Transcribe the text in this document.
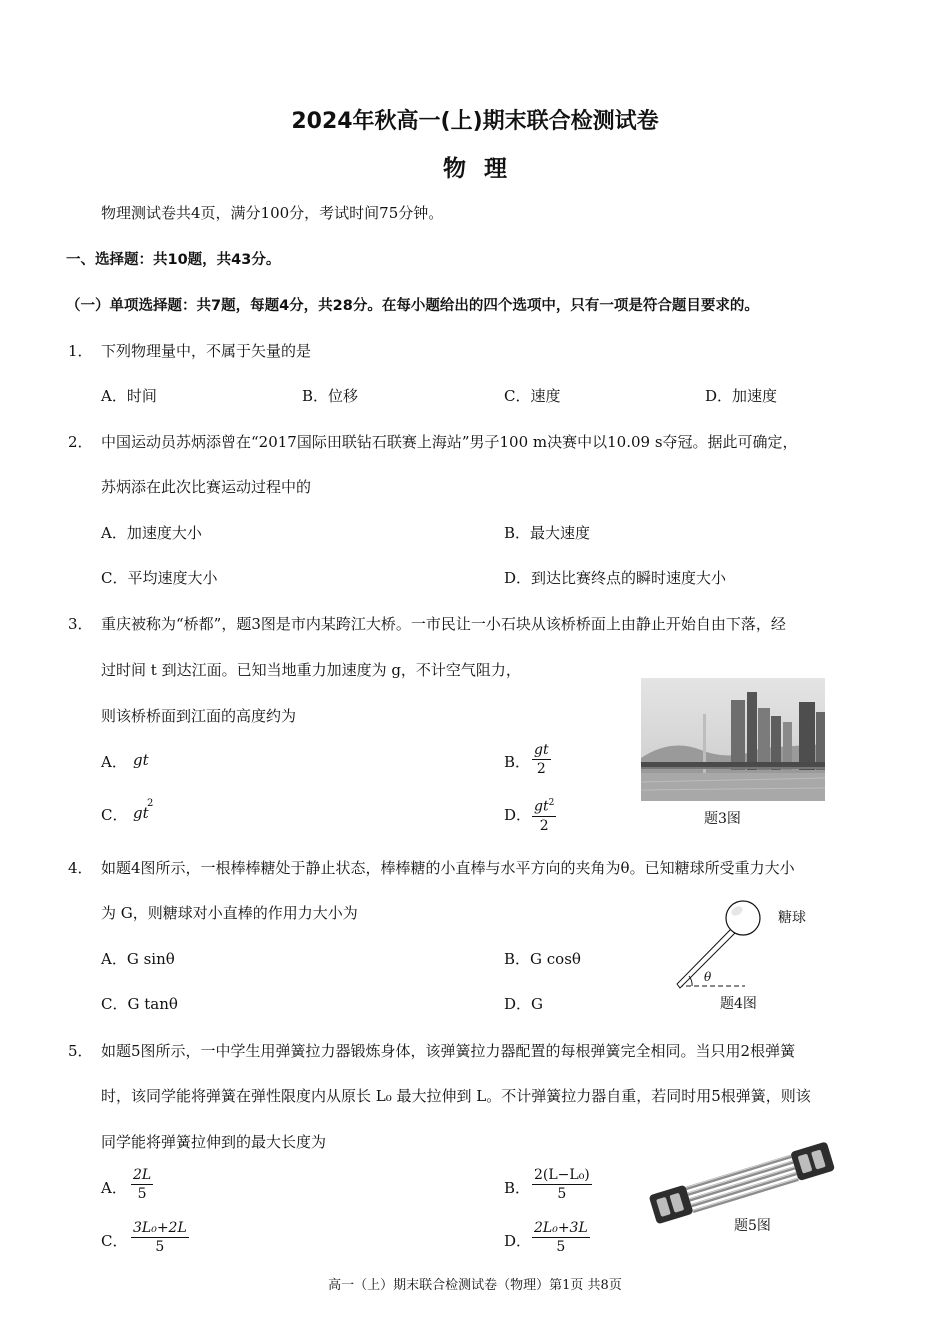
2024年秋高一(上)期末联合检测试卷
物理
物理测试卷共4页，满分100分，考试时间75分钟。
一、选择题：共10题，共43分。
（一）单项选择题：共7题，每题4分，共28分。在每小题给出的四个选项中，只有一项是符合题目要求的。
1． 下列物理量中，不属于矢量的是
A．时间	B．位移	C．速度	D．加速度
2． 中国运动员苏炳添曾在“2017国际田联钻石联赛上海站”男子100 m决赛中以10.09 s夺冠。据此可确定，
苏炳添在此次比赛运动过程中的
A．加速度大小	B．最大速度
C．平均速度大小	D．到达比赛终点的瞬时速度大小
3． 重庆被称为“桥都”，题3图是市内某跨江大桥。一市民让一小石块从该桥桥面上由静止开始自由下落，经
过时间 t 到达江面。已知当地重力加速度为 g，不计空气阻力，
则该桥桥面到江面的高度约为
A． gt	B． $\frac{gt}{2}$
C． gt
2
D． $\frac{gt^2}{2}$	题3图
4． 如题4图所示，一根棒棒糖处于静止状态，棒棒糖的小直棒与水平方向的夹角为θ。已知糖球所受重力大小
为 G，则糖球对小直棒的作用力大小为
A．G sinθ	B．G cosθ
C．G tanθ	D．G
糖球
θ
题4图
5． 如题5图所示，一中学生用弹簧拉力器锻炼身体，该弹簧拉力器配置的每根弹簧完全相同。当只用2根弹簧
时，该同学能将弹簧在弹性限度内从原长 L₀ 最大拉伸到 L。不计弹簧拉力器自重，若同时用5根弹簧，则该
同学能将弹簧拉伸到的最大长度为
A． $\frac{2L}{5}$	B． $\frac{\text{2(L−L₀)}}{5}$
C． $\frac{\text{3L₀+2L}}{5}$	D． $\frac{\text{2L₀+3L}}{5}$	题5图
高一（上）期末联合检测试卷（物理）第1页 共8页
